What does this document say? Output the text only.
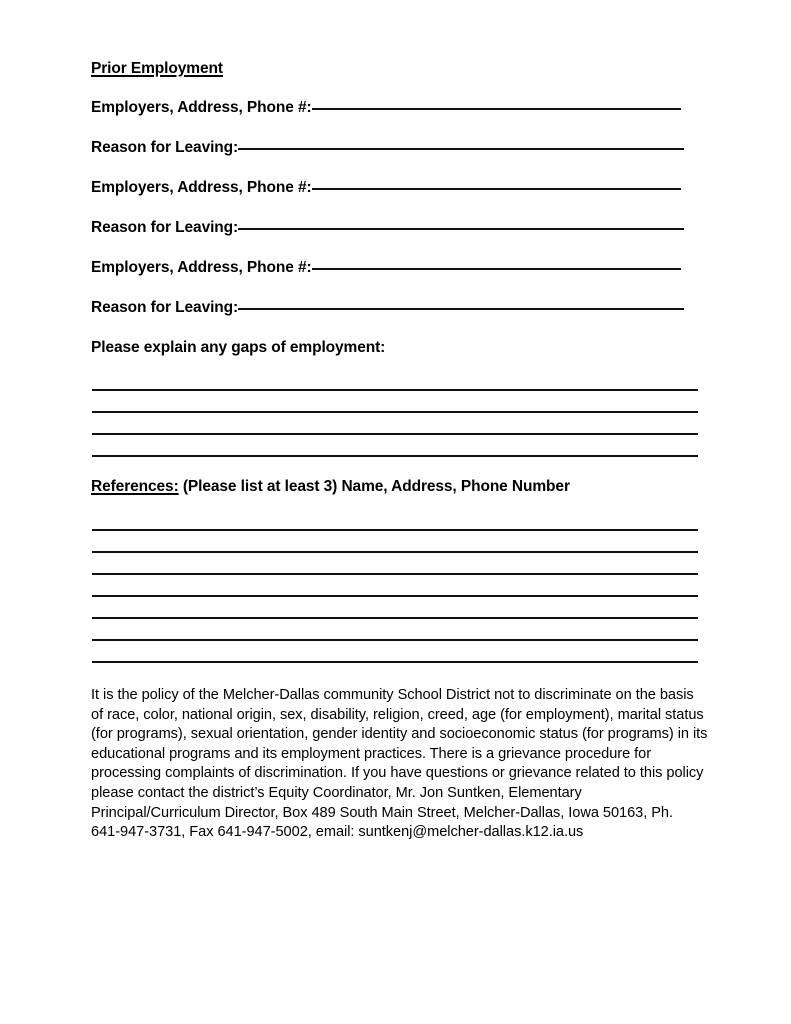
Prior Employment
Employers, Address, Phone #:
Reason for Leaving:
Employers, Address, Phone #:
Reason for Leaving:
Employers, Address, Phone #:
Reason for Leaving:
Please explain any gaps of employment:
References: (Please list at least 3) Name, Address, Phone Number
It is the policy of the Melcher-Dallas community School District not to discriminate on the basis
of race, color, national origin, sex, disability, religion, creed, age (for employment), marital status
(for programs), sexual orientation, gender identity and socioeconomic status (for programs) in its
educational programs and its employment practices. There is a grievance procedure for
processing complaints of discrimination. If you have questions or grievance related to this policy
please contact the district’s Equity Coordinator, Mr. Jon Suntken, Elementary
Principal/Curriculum Director, Box 489 South Main Street, Melcher-Dallas, Iowa 50163, Ph.
641-947-3731, Fax 641-947-5002, email: suntkenj@melcher-dallas.k12.ia.us
